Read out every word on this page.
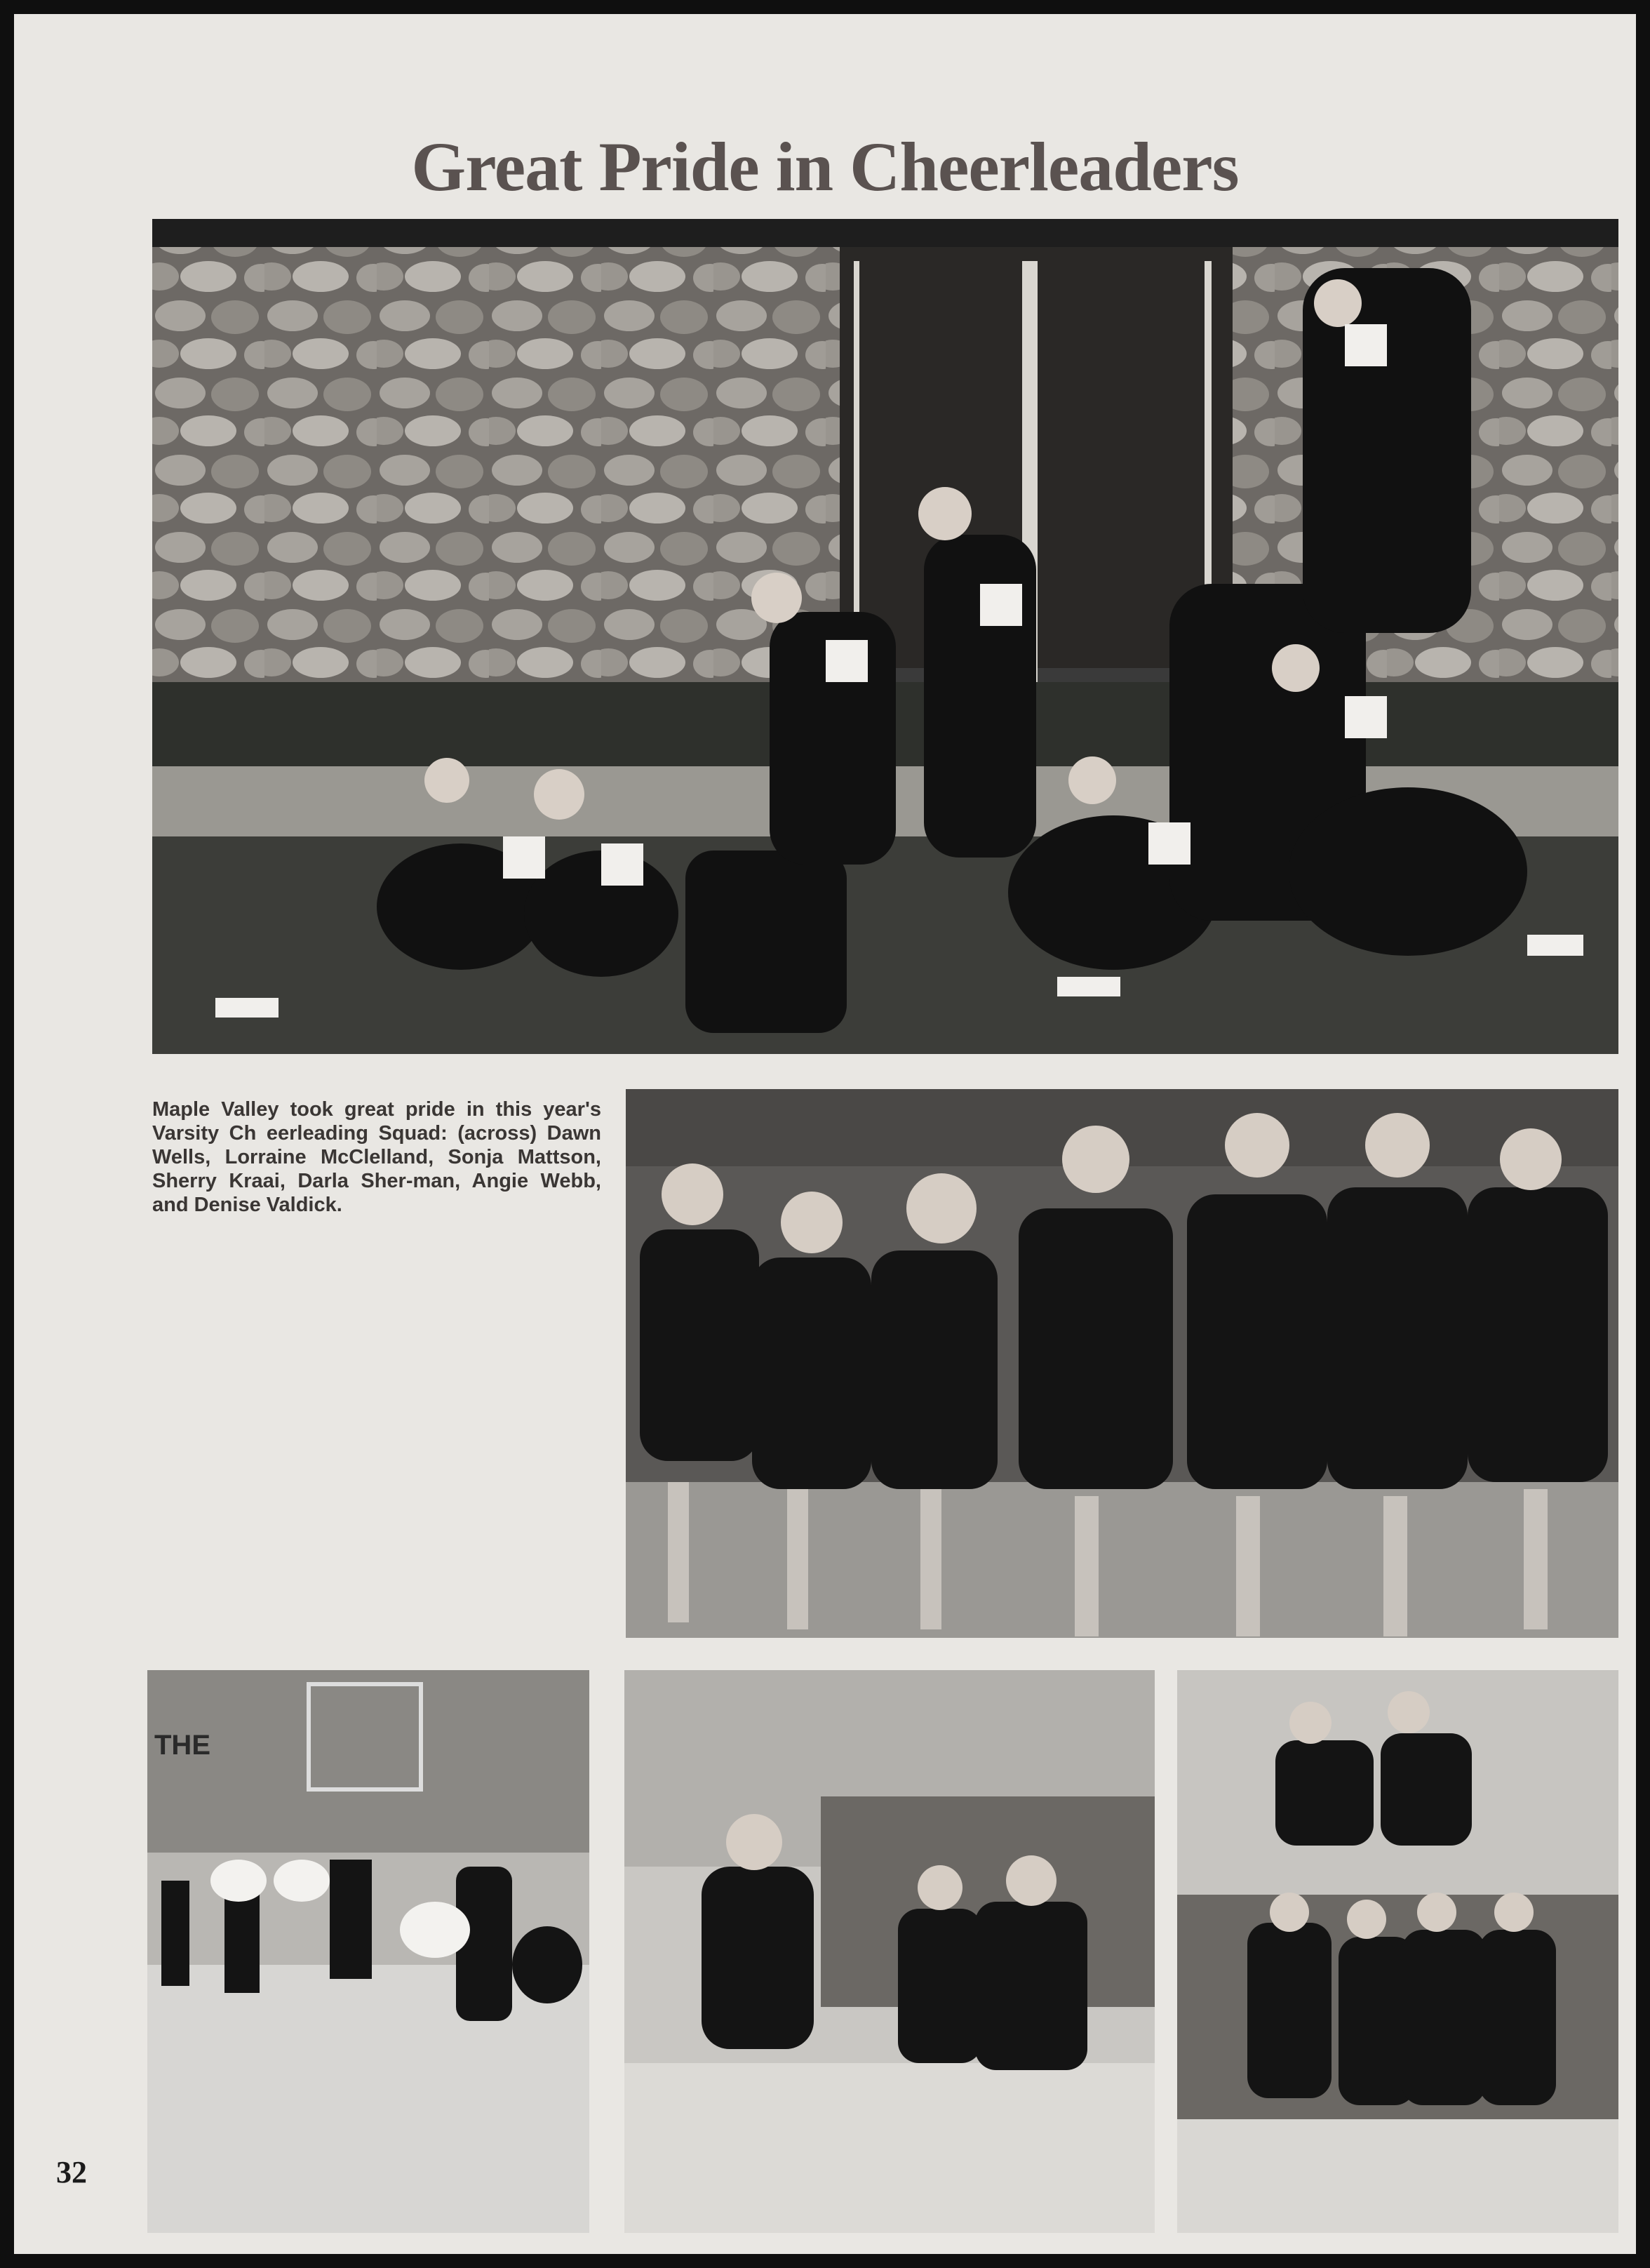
Great Pride in Cheerleaders
Maple Valley took great pride in this year's Varsity Ch eerleading Squad: (across) Dawn Wells, Lorraine McClelland, Sonja Mattson, Sherry Kraai, Darla Sher-man, Angie Webb, and Denise Valdick.
THE
32
